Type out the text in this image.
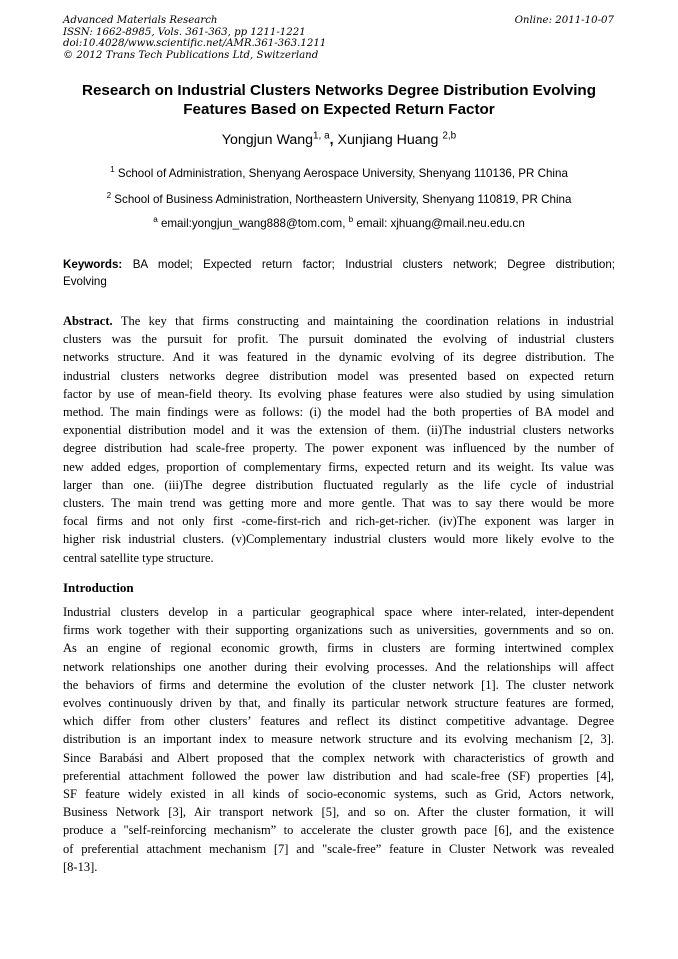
Advanced Materials Research
ISSN: 1662-8985, Vols. 361-363, pp 1211-1221
doi:10.4028/www.scientific.net/AMR.361-363.1211
© 2012 Trans Tech Publications Ltd, Switzerland
Online: 2011-10-07
Research on Industrial Clusters Networks Degree Distribution Evolving
Features Based on Expected Return Factor
Yongjun Wang$^{1, a}$, Xunjiang Huang $^{2,b}$
$^1$ School of Administration, Shenyang Aerospace University, Shenyang 110136, PR China
$^2$ School of Business Administration, Northeastern University, Shenyang 110819, PR China
$^a$ email:yongjun_wang888@tom.com, $^b$ email: xjhuang@mail.neu.edu.cn
Keywords: BA model; Expected return factor; Industrial clusters network; Degree distribution;
Evolving
Abstract. The key that firms constructing and maintaining the coordination relations in industrial
clusters was the pursuit for profit. The pursuit dominated the evolving of industrial clusters
networks structure. And it was featured in the dynamic evolving of its degree distribution. The
industrial clusters networks degree distribution model was presented based on expected return
factor by use of mean-field theory. Its evolving phase features were also studied by using simulation
method. The main findings were as follows: (i) the model had the both properties of BA model and
exponential distribution model and it was the extension of them. (ii)The industrial clusters networks
degree distribution had scale-free property. The power exponent was influenced by the number of
new added edges, proportion of complementary firms, expected return and its weight. Its value was
larger than one. (iii)The degree distribution fluctuated regularly as the life cycle of industrial
clusters. The main trend was getting more and more gentle. That was to say there would be more
focal firms and not only first -come-first-rich and rich-get-richer. (iv)The exponent was larger in
higher risk industrial clusters. (v)Complementary industrial clusters would more likely evolve to the
central satellite type structure.
Introduction
Industrial clusters develop in a particular geographical space where inter-related, inter-dependent
firms work together with their supporting organizations such as universities, governments and so on.
As an engine of regional economic growth, firms in clusters are forming intertwined complex
network relationships one another during their evolving processes. And the relationships will affect
the behaviors of firms and determine the evolution of the cluster network [1]. The cluster network
evolves continuously driven by that, and finally its particular network structure features are formed,
which differ from other clusters’ features and reflect its distinct competitive advantage. Degree
distribution is an important index to measure network structure and its evolving mechanism [2, 3].
Since Barabási and Albert proposed that the complex network with characteristics of growth and
preferential attachment followed the power law distribution and had scale-free (SF) properties [4],
SF feature widely existed in all kinds of socio-economic systems, such as Grid, Actors network,
Business Network [3], Air transport network [5], and so on. After the cluster formation, it will
produce a "self-reinforcing mechanism” to accelerate the cluster growth pace [6], and the existence
of preferential attachment mechanism [7] and "scale-free” feature in Cluster Network was revealed
[8-13].
